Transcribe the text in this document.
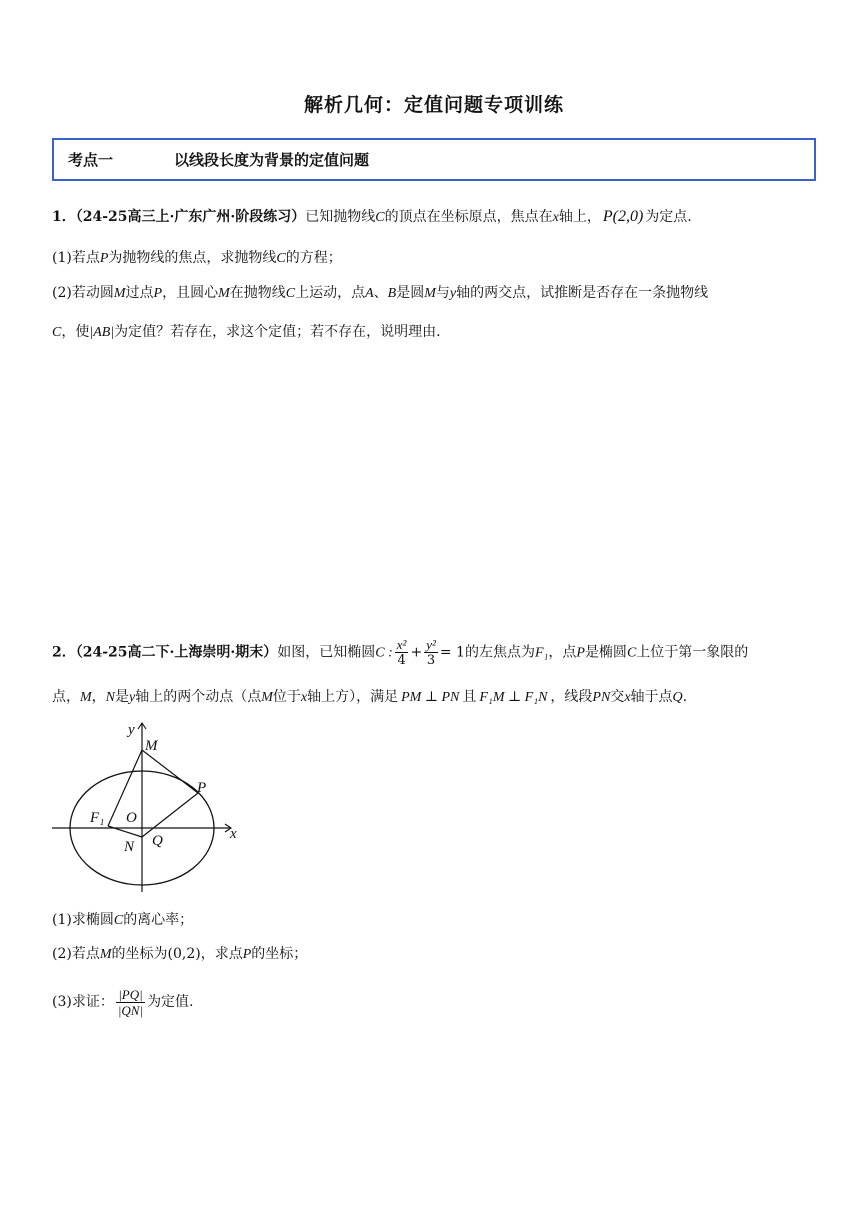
解析几何：定值问题专项训练
考点一	以线段长度为背景的定值问题
1．（24-25高三上·广东广州·阶段练习）已知抛物线C的顶点在坐标原点，焦点在x轴上， P(2,0) 为定点.
(1)若点P为抛物线的焦点，求抛物线C的方程；
(2)若动圆M过点P，且圆心M在抛物线C上运动，点A、B是圆M与y轴的两交点，试推断是否存在一条抛物线
C，使|AB|为定值？若存在，求这个定值；若不存在，说明理由.
2．（24-25高二下·上海崇明·期末）如图，已知椭圆C : $\frac{\text{x²}}{4} + \frac{\text{y²}}{3} = 1$的左焦点为F₁，点P是椭圆C上位于第一象限的
点，M，N是y轴上的两个动点（点M位于x轴上方），满足 PM ⊥ PN 且 F₁M ⊥ F₁N ，线段PN交x轴于点Q.
y
M
P
F₁ O
Q
N
x
(1)求椭圆C的离心率；
(2)若点M的坐标为(0,2)，求点P的坐标；
(3)求证： $\frac{|PQ|}{|QN|}$ 为定值.
